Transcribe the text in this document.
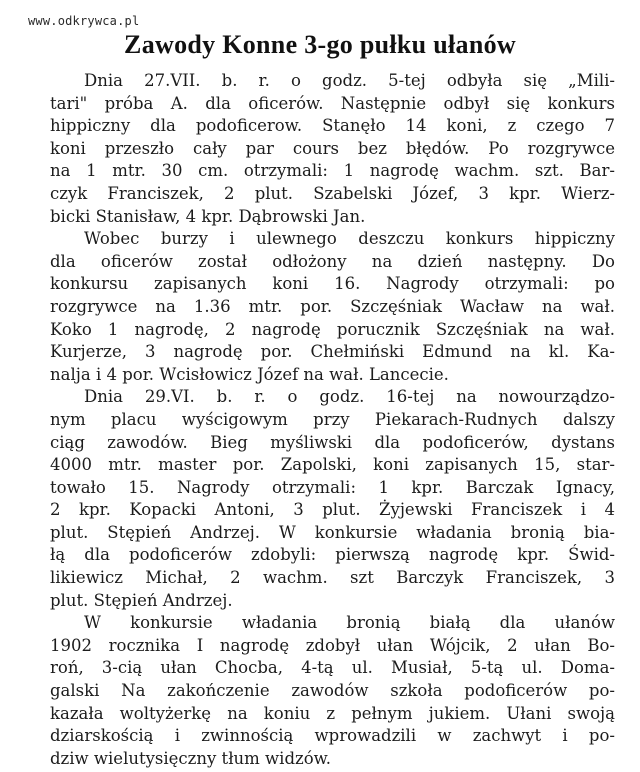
www.odkrywca.pl
Zawody Konne 3-go pułku ułanów
Dnia 27.VII. b. r. o godz. 5-tej odbyła się „Mili-
tari" próba A. dla oficerów. Następnie odbył się konkurs
hippiczny dla podoficerow. Stanęło 14 koni, z czego 7
koni przeszło cały par cours bez błędów. Po rozgrywce
na 1 mtr. 30 cm. otrzymali: 1 nagrodę wachm. szt. Bar-
czyk Franciszek, 2 plut. Szabelski Józef, 3 kpr. Wierz-
bicki Stanisław, 4 kpr. Dąbrowski Jan.
Wobec burzy i ulewnego deszczu konkurs hippiczny
dla oficerów został odłożony na dzień następny. Do
konkursu zapisanych koni 16. Nagrody otrzymali: po
rozgrywce na 1.36 mtr. por. Szczęśniak Wacław na wał.
Koko 1 nagrodę, 2 nagrodę porucznik Szczęśniak na wał.
Kurjerze, 3 nagrodę por. Chełmiński Edmund na kl. Ka-
nalja i 4 por. Wcisłowicz Józef na wał. Lancecie.
Dnia 29.VI. b. r. o godz. 16-tej na nowourządzo-
nym placu wyścigowym przy Piekarach-Rudnych dalszy
ciąg zawodów. Bieg myśliwski dla podoficerów, dystans
4000 mtr. master por. Zapolski, koni zapisanych 15, star-
towało 15. Nagrody otrzymali: 1 kpr. Barczak Ignacy,
2 kpr. Kopacki Antoni, 3 plut. Żyjewski Franciszek i 4
plut. Stępień Andrzej. W konkursie władania bronią bia-
łą dla podoficerów zdobyli: pierwszą nagrodę kpr. Świd-
likiewicz Michał, 2 wachm. szt Barczyk Franciszek, 3
plut. Stępień Andrzej.
W konkursie władania bronią białą dla ułanów
1902 rocznika I nagrodę zdobył ułan Wójcik, 2 ułan Bo-
roń, 3-cią ułan Chocba, 4-tą ul. Musiał, 5-tą ul. Doma-
galski Na zakończenie zawodów szkoła podoficerów po-
kazała woltyżerkę na koniu z pełnym jukiem. Ułani swoją
dziarskością i zwinnością wprowadzili w zachwyt i po-
dziw wielutysięczny tłum widzów.
